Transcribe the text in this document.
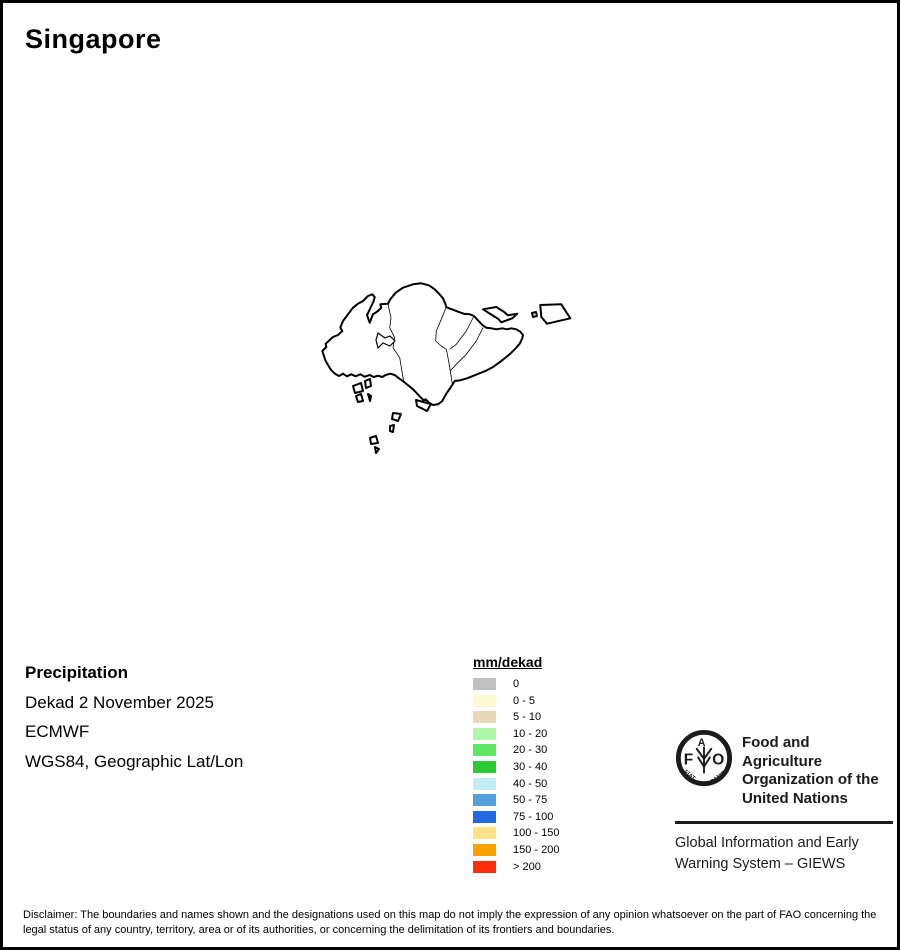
Singapore
Precipitation
Dekad 2 November 2025
ECMWF
WGS84, Geographic Lat/Lon
mm/dekad
0
0 - 5
5 - 10
10 - 20
20 - 30
30 - 40
40 - 50
50 - 75
75 - 100
100 - 150
150 - 200
> 200
F
A
O
FIAT PANIS
Food and Agriculture
Organization of the
United Nations
Global Information and Early
Warning System – GIEWS
Disclaimer: The boundaries and names shown and the designations used on this map do not imply the expression of any opinion whatsoever on the part of FAO concerning the legal status of any country, territory, area or of its authorities, or concerning the delimitation of its frontiers and boundaries.
